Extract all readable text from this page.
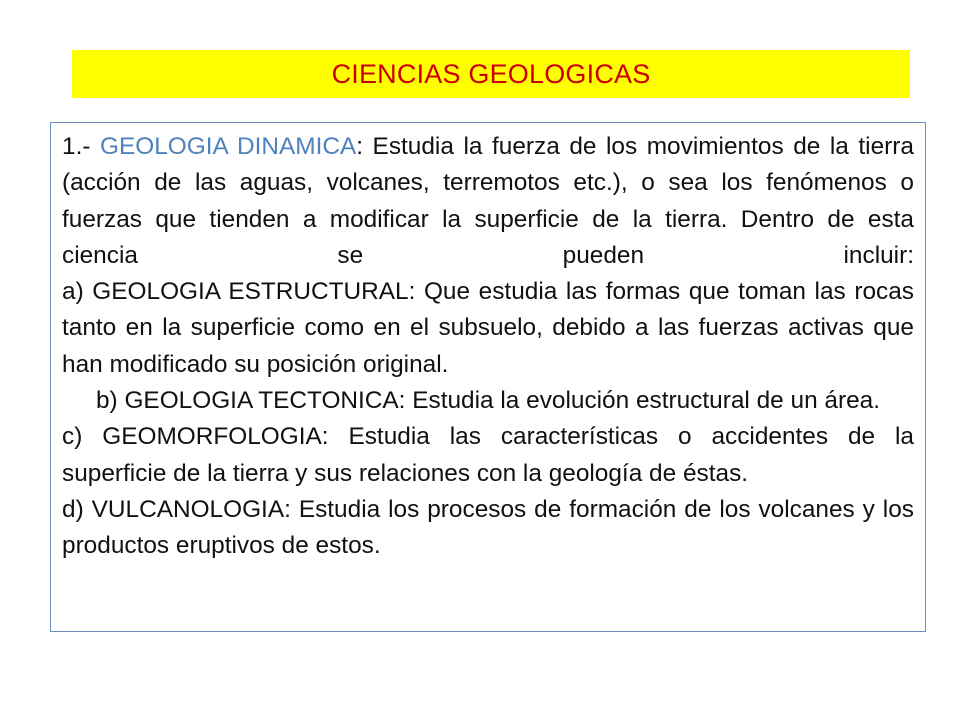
CIENCIAS GEOLOGICAS

1.- GEOLOGIA DINAMICA: Estudia la fuerza de los movimientos de la tierra (acción de las aguas, volcanes, terremotos etc.), o sea los fenómenos o fuerzas que tienden a modificar la superficie de la tierra. Dentro de esta ciencia se pueden incluir:

a) GEOLOGIA ESTRUCTURAL: Que estudia las formas que toman las rocas tanto en la superficie como en el subsuelo, debido a las fuerzas activas que han modificado su posición original.

b) GEOLOGIA TECTONICA: Estudia la evolución estructural de un área.

c) GEOMORFOLOGIA: Estudia las características o accidentes de la superficie de la tierra y sus relaciones con la geología de éstas.

d) VULCANOLOGIA: Estudia los procesos de formación de los volcanes y los productos eruptivos de estos.
